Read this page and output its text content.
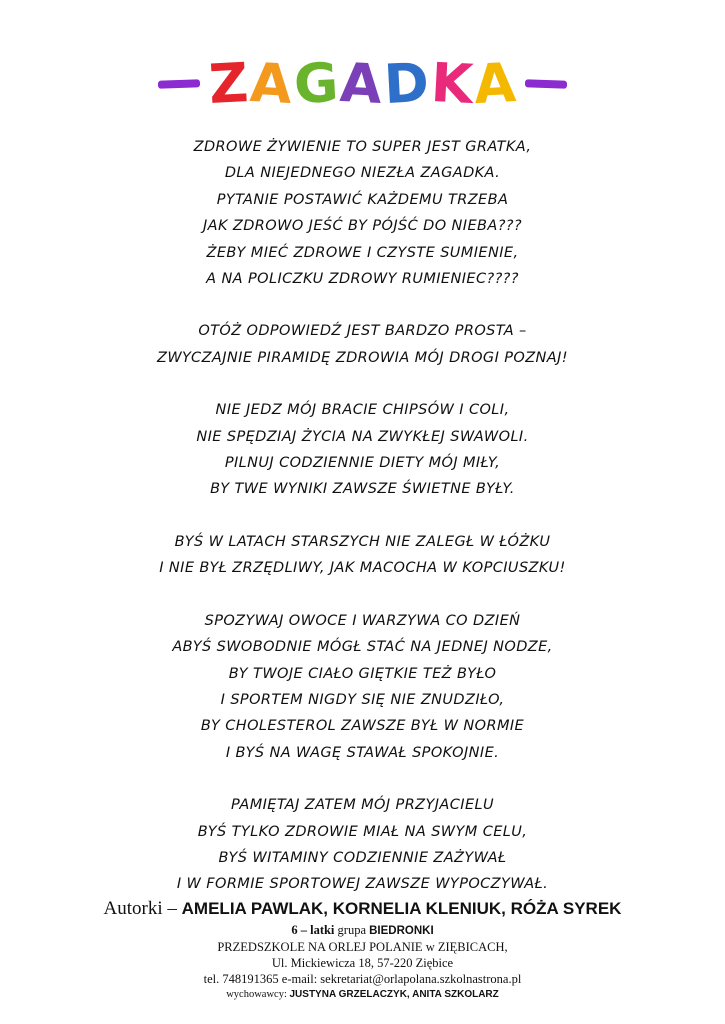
Z
A
G
A
D
K
A
ZDROWE ŻYWIENIE TO SUPER JEST GRATKA,
DLA NIEJEDNEGO NIEZŁA ZAGADKA.
PYTANIE POSTAWIĆ KAŻDEMU TRZEBA
JAK ZDROWO JEŚĆ BY PÓJŚĆ DO NIEBA???
ŻEBY MIEĆ ZDROWE I CZYSTE SUMIENIE,
A NA POLICZKU ZDROWY RUMIENIEC????
OTÓŻ ODPOWIEDŹ JEST BARDZO PROSTA –
ZWYCZAJNIE PIRAMIDĘ ZDROWIA MÓJ DROGI POZNAJ!
NIE JEDZ MÓJ BRACIE CHIPSÓW I COLI,
NIE SPĘDZIAJ ŻYCIA NA ZWYKŁEJ SWAWOLI.
PILNUJ CODZIENNIE DIETY MÓJ MIŁY,
BY TWE WYNIKI ZAWSZE ŚWIETNE BYŁY.
BYŚ W LATACH STARSZYCH NIE ZALEGŁ W ŁÓŻKU
I NIE BYŁ ZRZĘDLIWY, JAK MACOCHA W KOPCIUSZKU!
SPOZYWAJ OWOCE I WARZYWA CO DZIEŃ
ABYŚ SWOBODNIE MÓGŁ STAĆ NA JEDNEJ NODZE,
BY TWOJE CIAŁO GIĘTKIE TEŻ BYŁO
I SPORTEM NIGDY SIĘ NIE ZNUDZIŁO,
BY CHOLESTEROL ZAWSZE BYŁ W NORMIE
I BYŚ NA WAGĘ STAWAŁ SPOKOJNIE.
PAMIĘTAJ ZATEM MÓJ PRZYJACIELU
BYŚ TYLKO ZDROWIE MIAŁ NA SWYM CELU,
BYŚ WITAMINY CODZIENNIE ZAŻYWAŁ
I W FORMIE SPORTOWEJ ZAWSZE WYPOCZYWAŁ.
Autorki – AMELIA PAWLAK, KORNELIA KLENIUK, RÓŻA SYREK
6 – latki grupa BIEDRONKI
PRZEDSZKOLE NA ORLEJ POLANIE w ZIĘBICACH,
Ul. Mickiewicza 18, 57-220 Ziębice
tel. 748191365 e-mail: sekretariat@orlapolana.szkolnastrona.pl
wychowawcy: JUSTYNA GRZELACZYK, ANITA SZKOLARZ
